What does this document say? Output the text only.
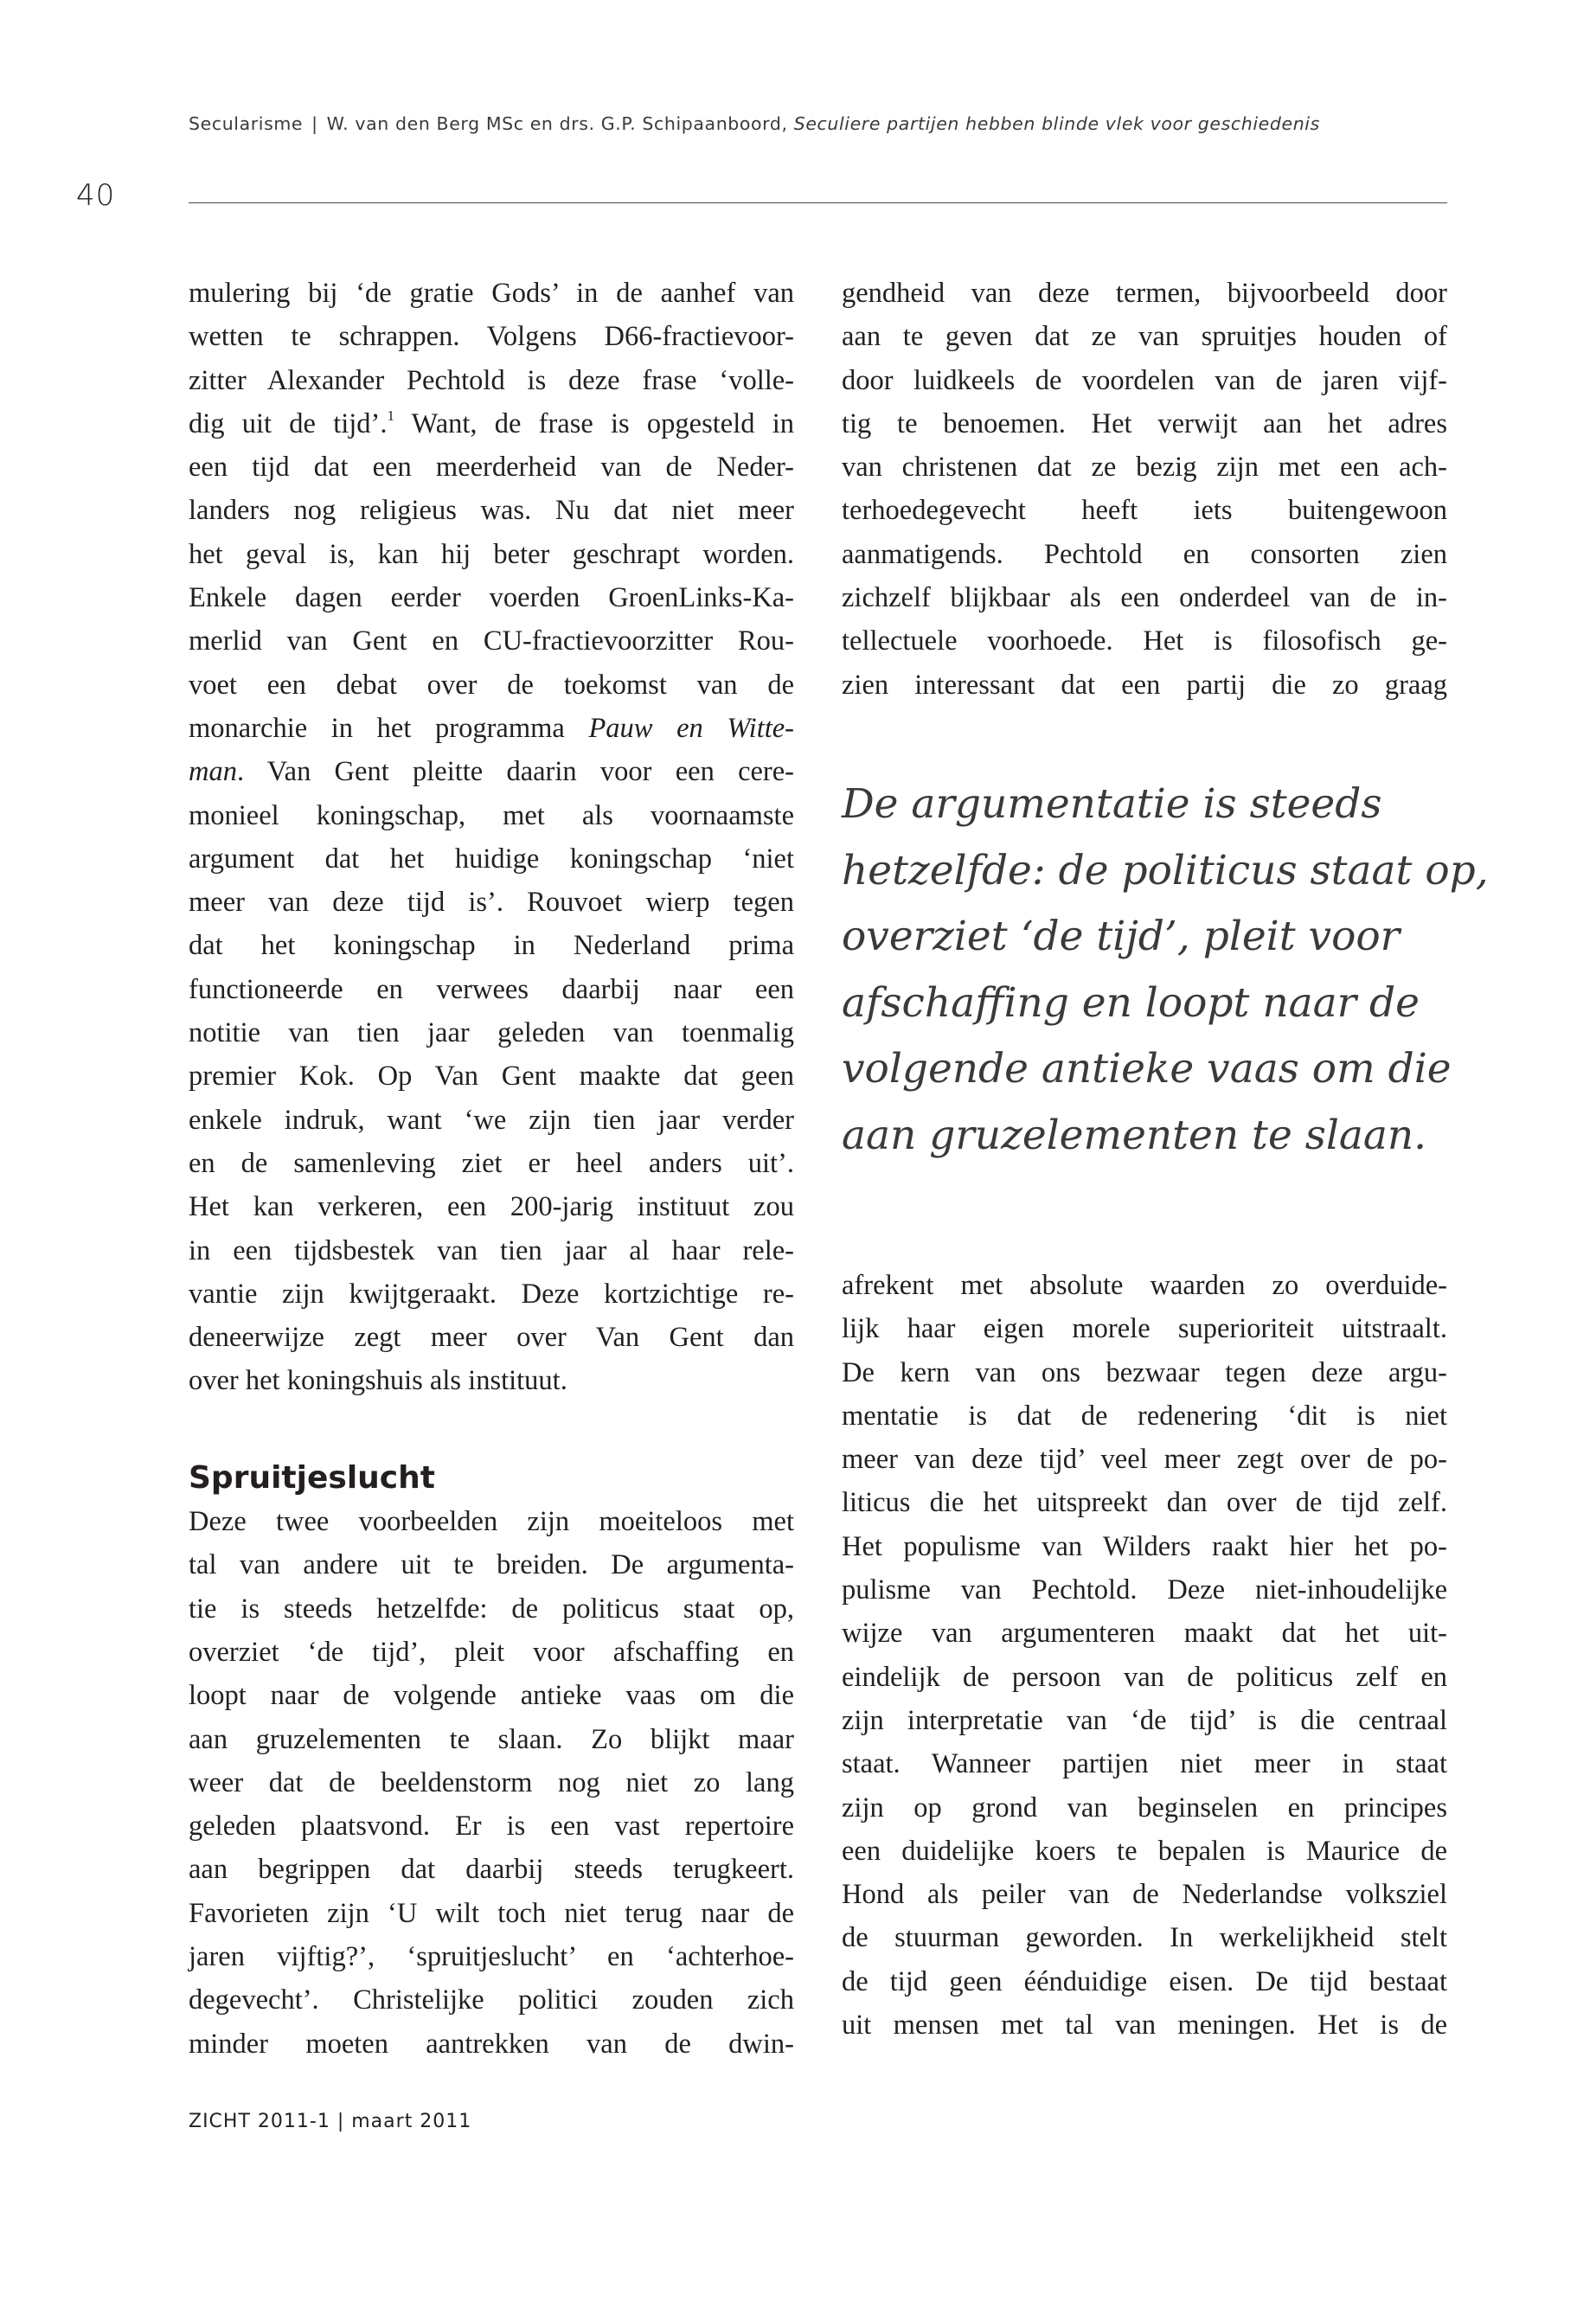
Secularisme | W. van den Berg MSc en drs. G.P. Schipaanboord, Seculiere partijen hebben blinde vlek voor geschiedenis
40
mulering bij ‘de gratie Gods’ in de aanhef van
wetten te schrappen. Volgens D66-fractievoor-
zitter Alexander Pechtold is deze frase ‘volle-
dig uit de tijd’.$^1$ Want, de frase is opgesteld in
een tijd dat een meerderheid van de Neder-
landers nog religieus was. Nu dat niet meer
het geval is, kan hij beter geschrapt worden.
Enkele dagen eerder voerden GroenLinks-Ka-
merlid van Gent en CU-fractievoorzitter Rou-
voet een debat over de toekomst van de
monarchie in het programma Pauw en Witte-
man. Van Gent pleitte daarin voor een cere-
monieel koningschap, met als voornaamste
argument dat het huidige koningschap ‘niet
meer van deze tijd is’. Rouvoet wierp tegen
dat het koningschap in Nederland prima
functioneerde en verwees daarbij naar een
notitie van tien jaar geleden van toenmalig
premier Kok. Op Van Gent maakte dat geen
enkele indruk, want ‘we zijn tien jaar verder
en de samenleving ziet er heel anders uit’.
Het kan verkeren, een 200-jarig instituut zou
in een tijdsbestek van tien jaar al haar rele-
vantie zijn kwijtgeraakt. Deze kortzichtige re-
deneerwijze zegt meer over Van Gent dan
over het koningshuis als instituut.
Spruitjeslucht
Deze twee voorbeelden zijn moeiteloos met
tal van andere uit te breiden. De argumenta-
tie is steeds hetzelfde: de politicus staat op,
overziet ‘de tijd’, pleit voor afschaffing en
loopt naar de volgende antieke vaas om die
aan gruzelementen te slaan. Zo blijkt maar
weer dat de beeldenstorm nog niet zo lang
geleden plaatsvond. Er is een vast repertoire
aan begrippen dat daarbij steeds terugkeert.
Favorieten zijn ‘U wilt toch niet terug naar de
jaren vijftig?’, ‘spruitjeslucht’ en ‘achterhoe-
degevecht’. Christelijke politici zouden zich
minder moeten aantrekken van de dwin-
gendheid van deze termen, bijvoorbeeld door
aan te geven dat ze van spruitjes houden of
door luidkeels de voordelen van de jaren vijf-
tig te benoemen. Het verwijt aan het adres
van christenen dat ze bezig zijn met een ach-
terhoedegevecht heeft iets buitengewoon
aanmatigends. Pechtold en consorten zien
zichzelf blijkbaar als een onderdeel van de in-
tellectuele voorhoede. Het is filosofisch ge-
zien interessant dat een partij die zo graag
De argumentatie is steeds
hetzelfde: de politicus staat op,
overziet ‘de tijd’, pleit voor
afschaffing en loopt naar de
volgende antieke vaas om die
aan gruzelementen te slaan.
afrekent met absolute waarden zo overduide-
lijk haar eigen morele superioriteit uitstraalt.
De kern van ons bezwaar tegen deze argu-
mentatie is dat de redenering ‘dit is niet
meer van deze tijd’ veel meer zegt over de po-
liticus die het uitspreekt dan over de tijd zelf.
Het populisme van Wilders raakt hier het po-
pulisme van Pechtold. Deze niet-inhoudelijke
wijze van argumenteren maakt dat het uit-
eindelijk de persoon van de politicus zelf en
zijn interpretatie van ‘de tijd’ is die centraal
staat. Wanneer partijen niet meer in staat
zijn op grond van beginselen en principes
een duidelijke koers te bepalen is Maurice de
Hond als peiler van de Nederlandse volksziel
de stuurman geworden. In werkelijkheid stelt
de tijd geen éénduidige eisen. De tijd bestaat
uit mensen met tal van meningen. Het is de
ZICHT 2011-1 | maart 2011
